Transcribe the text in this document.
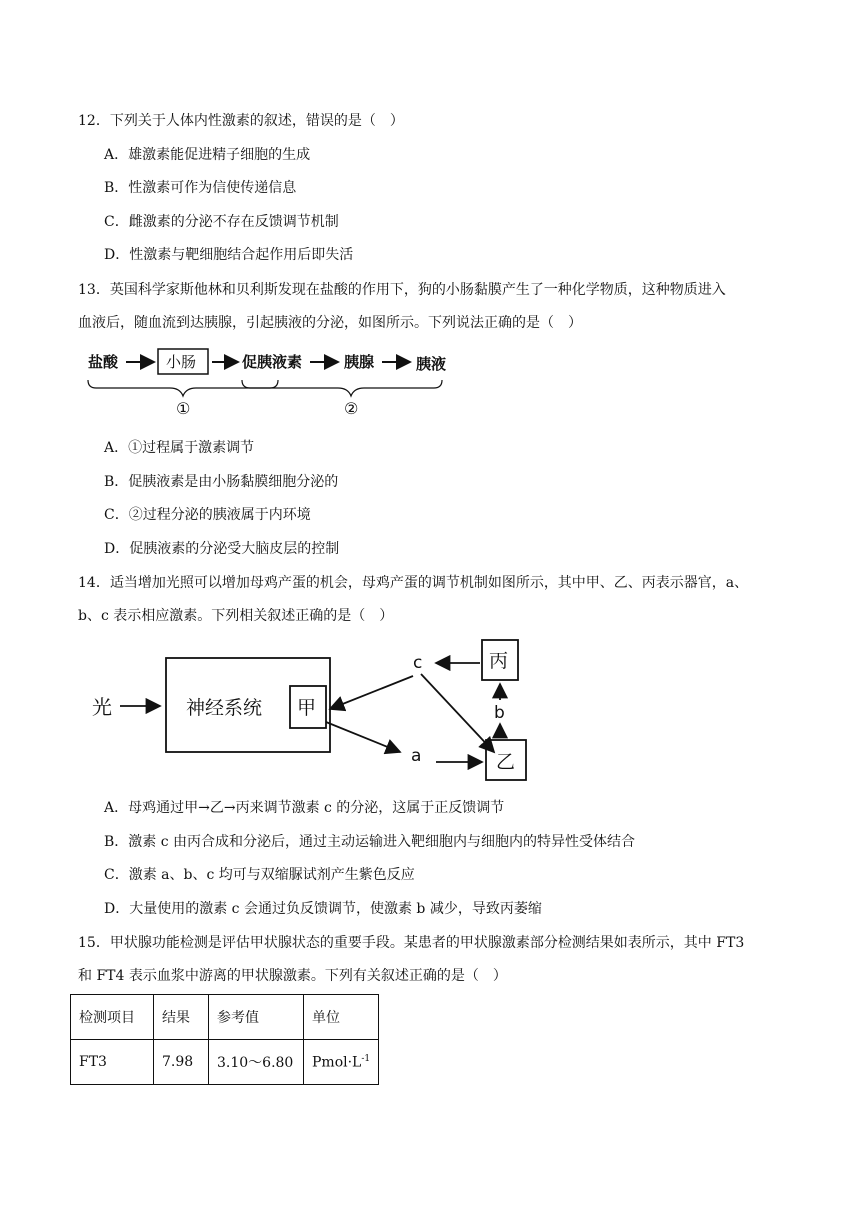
12．下列关于人体内性激素的叙述，错误的是（　）
A．雄激素能促进精子细胞的生成
B．性激素可作为信使传递信息
C．雌激素的分泌不存在反馈调节机制
D．性激素与靶细胞结合起作用后即失活
13．英国科学家斯他林和贝利斯发现在盐酸的作用下，狗的小肠黏膜产生了一种化学物质，这种物质进入
血液后，随血流到达胰腺，引起胰液的分泌，如图所示。下列说法正确的是（　）
盐酸	小肠	促胰液素	胰腺	胰液
①	②
A．①过程属于激素调节
B．促胰液素是由小肠黏膜细胞分泌的
C．②过程分泌的胰液属于内环境
D．促胰液素的分泌受大脑皮层的控制
14．适当增加光照可以增加母鸡产蛋的机会，母鸡产蛋的调节机制如图所示，其中甲、乙、丙表示器官，a、
b、c 表示相应激素。下列相关叙述正确的是（　）
光	神经系统 甲
c	丙
a	乙
b
A．母鸡通过甲→乙→丙来调节激素 c 的分泌，这属于正反馈调节
B．激素 c 由丙合成和分泌后，通过主动运输进入靶细胞内与细胞内的特异性受体结合
C．激素 a、b、c 均可与双缩脲试剂产生紫色反应
D．大量使用的激素 c 会通过负反馈调节，使激素 b 减少，导致丙萎缩
15．甲状腺功能检测是评估甲状腺状态的重要手段。某患者的甲状腺激素部分检测结果如表所示，其中 FT3
和 FT4 表示血浆中游离的甲状腺激素。下列有关叙述正确的是（　）
检测项目	结果	参考值	单位
FT3	7.98	3.10～6.80	$Pmol\cdot L^{-1}$
